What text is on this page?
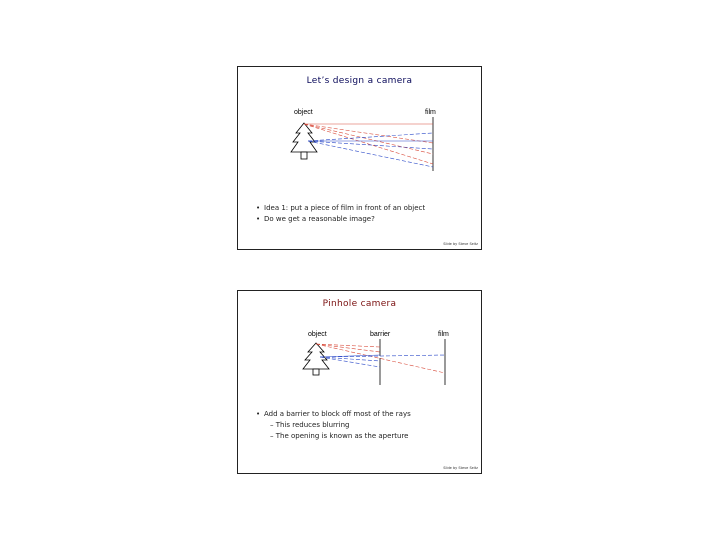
Let’s design a camera
object	film
• Idea 1: put a piece of film in front of an object
• Do we get a reasonable image?
Slide by Steve Seitz
Pinhole camera
object	barrier	film
• Add a barrier to block off most of the rays
– This reduces blurring
– The opening is known as the aperture
Slide by Steve Seitz
